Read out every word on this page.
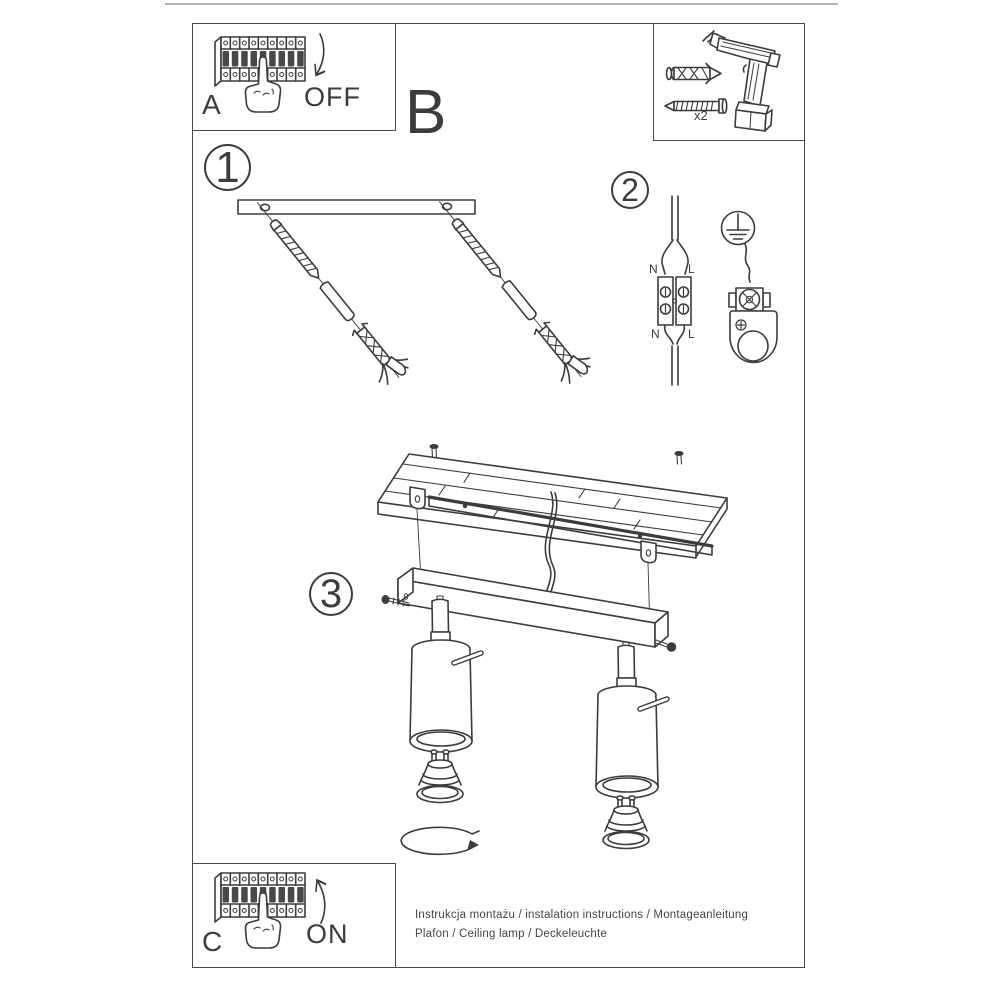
A	OFF B	x2
1	2
3
N	L
N L
C	ON
Instrukcja montażu / instalation instructions / Montageanleitung
Plafon / Ceiling lamp / Deckeleuchte
